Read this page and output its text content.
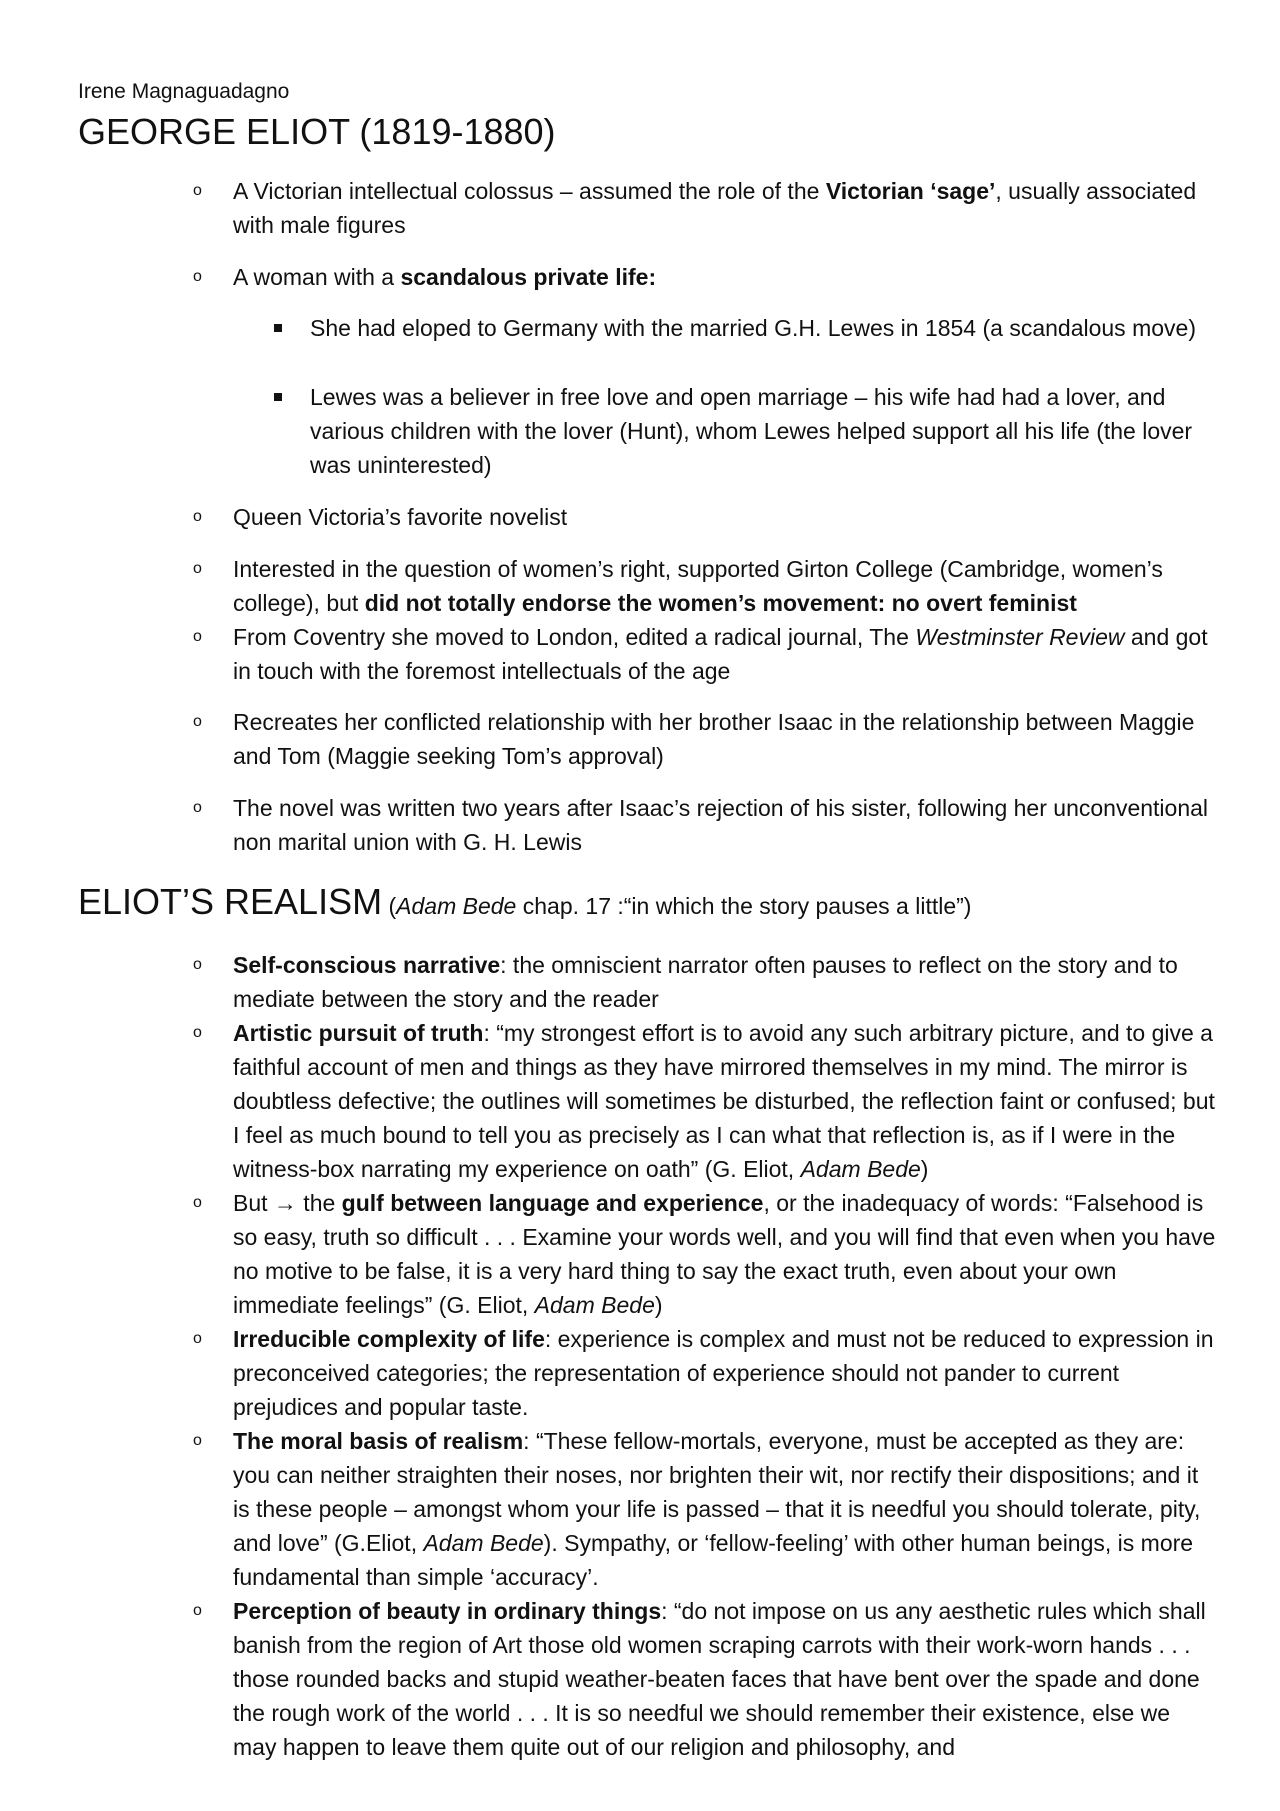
Irene Magnaguadagno
GEORGE ELIOT (1819-1880)

o A Victorian intellectual colossus – assumed the role of the Victorian ‘sage’, usually associated with male figures

o A woman with a scandalous private life:

She had eloped to Germany with the married G.H. Lewes in 1854 (a scandalous move)
Lewes was a believer in free love and open marriage – his wife had had a lover, and various children with the lover (Hunt), whom Lewes helped support all his life (the lover was uninterested)

o Queen Victoria’s favorite novelist

o Interested in the question of women’s right, supported Girton College (Cambridge, women’s college), but did not totally endorse the women’s movement: no overt feminist

o From Coventry she moved to London, edited a radical journal, The Westminster Review and got in touch with the foremost intellectuals of the age

o Recreates her conflicted relationship with her brother Isaac in the relationship between Maggie and Tom (Maggie seeking Tom’s approval)

o The novel was written two years after Isaac’s rejection of his sister, following her unconventional non marital union with G. H. Lewis

ELIOT’S REALISM (Adam Bede chap. 17 :“in which the story pauses a little”)

o Self-conscious narrative: the omniscient narrator often pauses to reflect on the story and to mediate between the story and the reader

o Artistic pursuit of truth: “my strongest effort is to avoid any such arbitrary picture, and to give a faithful account of men and things as they have mirrored themselves in my mind. The mirror is doubtless defective; the outlines will sometimes be disturbed, the reflection faint or confused; but I feel as much bound to tell you as precisely as I can what that reflection is, as if I were in the witness-box narrating my experience on oath” (G. Eliot, Adam Bede)

o But → the gulf between language and experience, or the inadequacy of words: “Falsehood is so easy, truth so difficult . . . Examine your words well, and you will find that even when you have no motive to be false, it is a very hard thing to say the exact truth, even about your own immediate feelings” (G. Eliot, Adam Bede)

o Irreducible complexity of life: experience is complex and must not be reduced to expression in preconceived categories; the representation of experience should not pander to current prejudices and popular taste.

o The moral basis of realism: “These fellow-mortals, everyone, must be accepted as they are: you can neither straighten their noses, nor brighten their wit, nor rectify their dispositions; and it is these people – amongst whom your life is passed – that it is needful you should tolerate, pity, and love” (G.Eliot, Adam Bede). Sympathy, or ‘fellow-feeling’ with other human beings, is more fundamental than simple ‘accuracy’.

o Perception of beauty in ordinary things: “do not impose on us any aesthetic rules which shall banish from the region of Art those old women scraping carrots with their work-worn hands . . . those rounded backs and stupid weather-beaten faces that have bent over the spade and done the rough work of the world . . . It is so needful we should remember their existence, else we may happen to leave them quite out of our religion and philosophy, and
